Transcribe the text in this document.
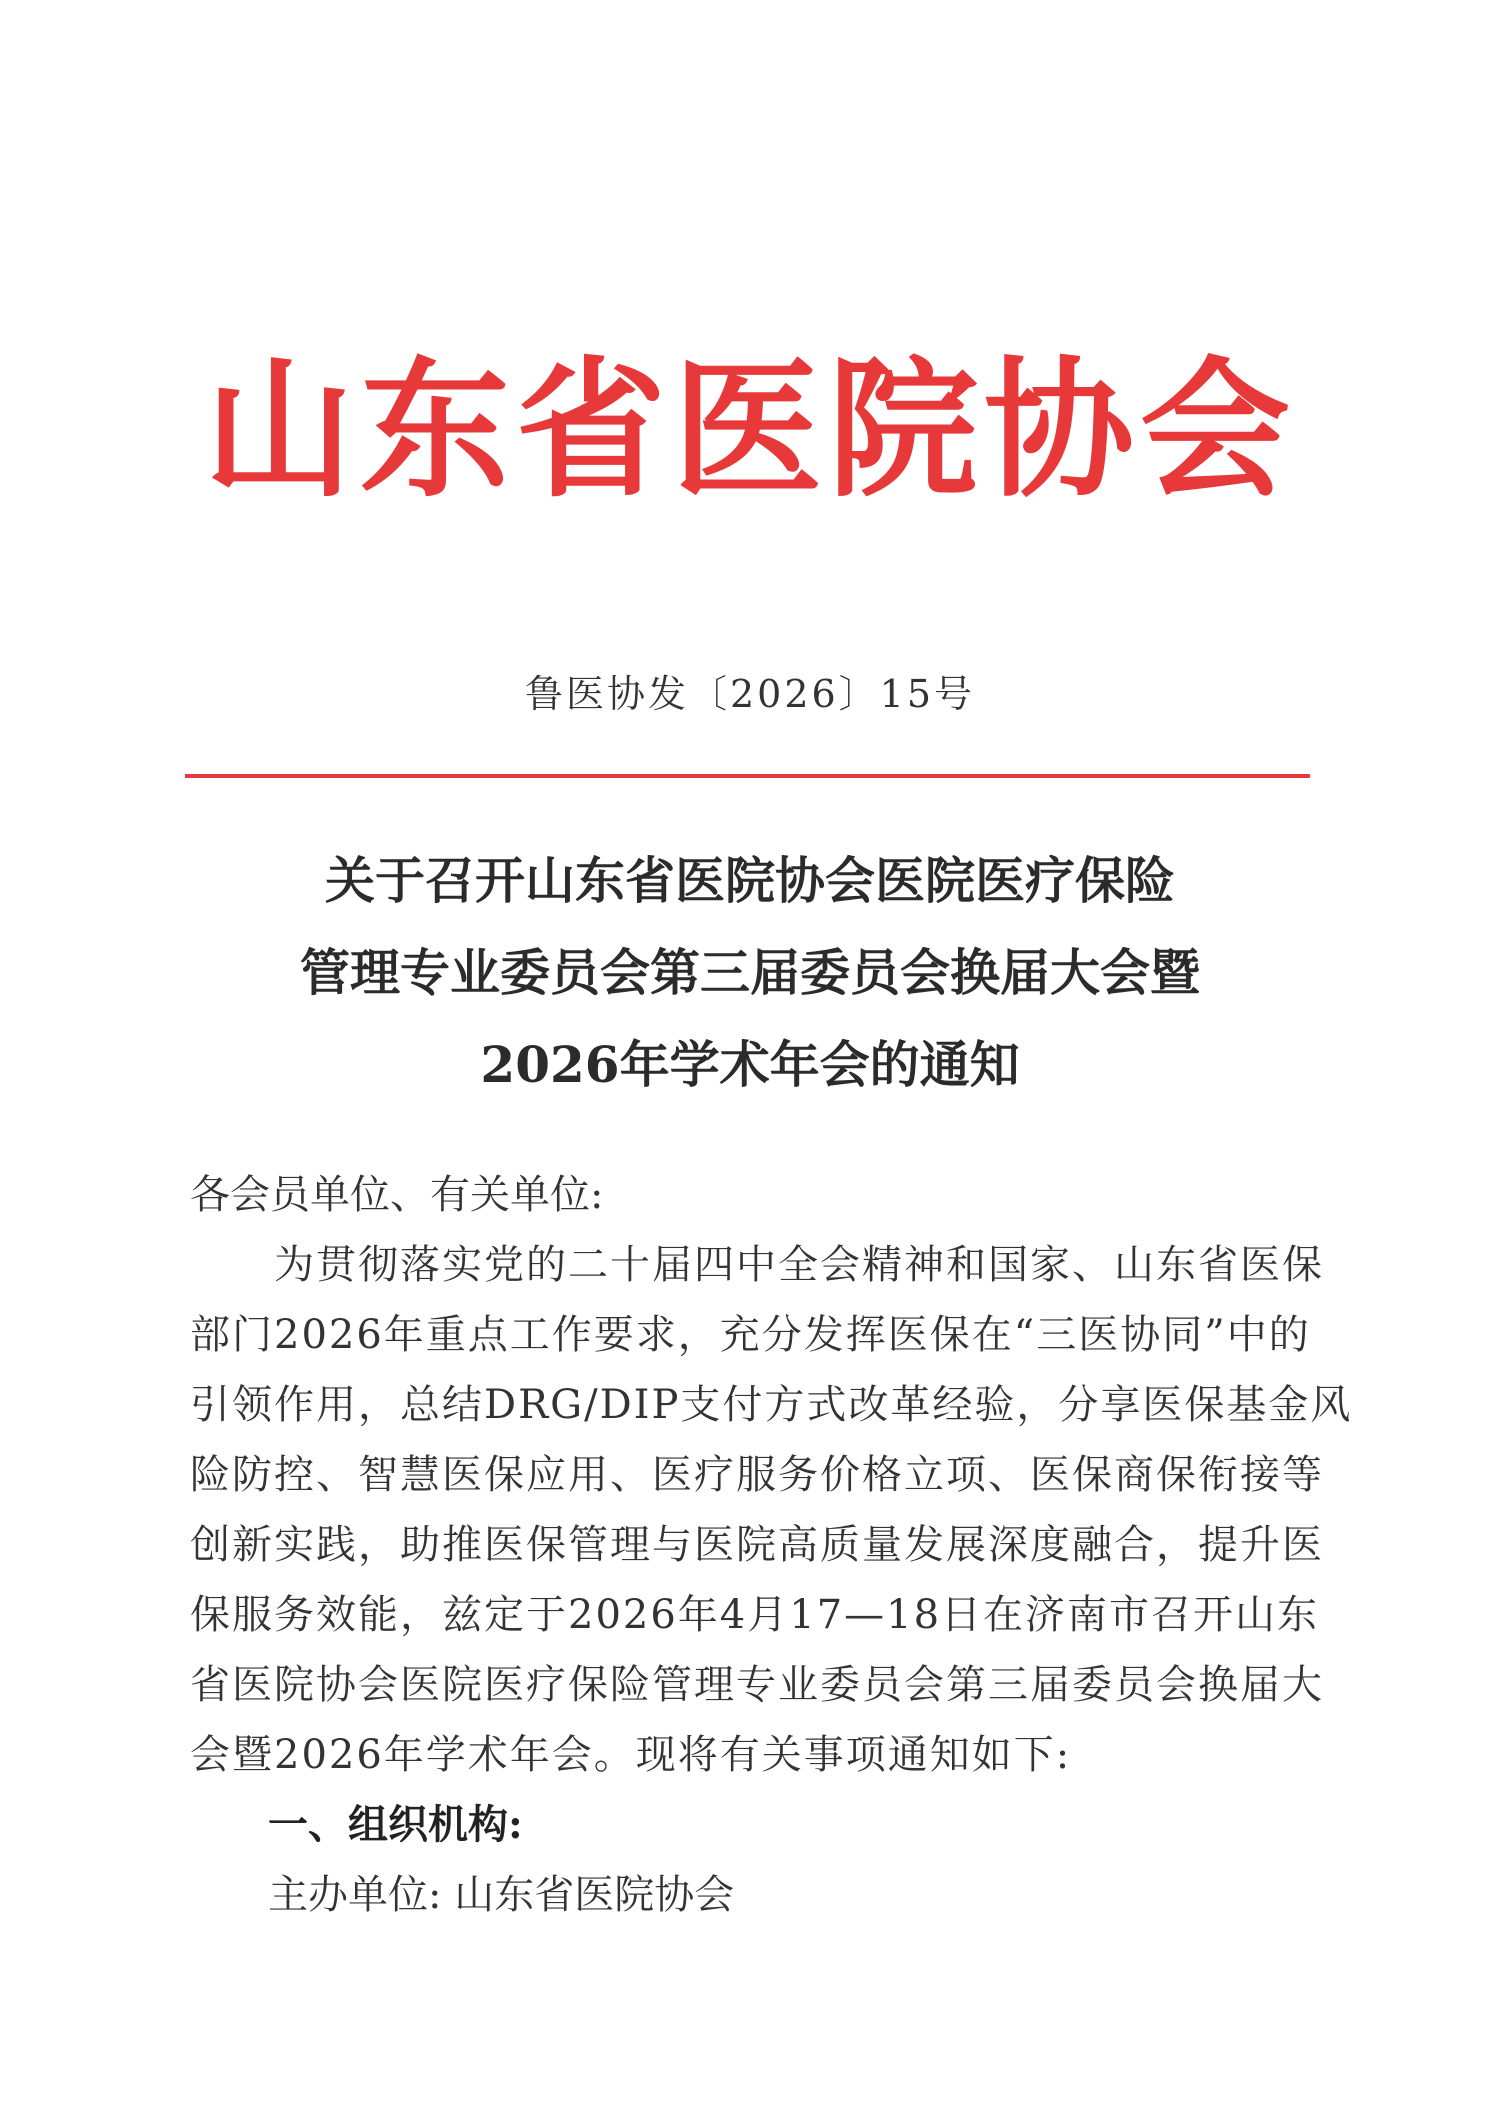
山东省医院协会
鲁医协发〔2026〕15号
关于召开山东省医院协会医院医疗保险
管理专业委员会第三届委员会换届大会暨
2026年学术年会的通知
各会员单位、有关单位:
　　为贯彻落实党的二十届四中全会精神和国家、山东省医保
部门2026年重点工作要求，充分发挥医保在“三医协同”中的
引领作用，总结DRG/DIP支付方式改革经验，分享医保基金风
险防控、智慧医保应用、医疗服务价格立项、医保商保衔接等
创新实践，助推医保管理与医院高质量发展深度融合，提升医
保服务效能，兹定于2026年4月17—18日在济南市召开山东
省医院协会医院医疗保险管理专业委员会第三届委员会换届大
会暨2026年学术年会。现将有关事项通知如下:
一、组织机构:
主办单位: 山东省医院协会
